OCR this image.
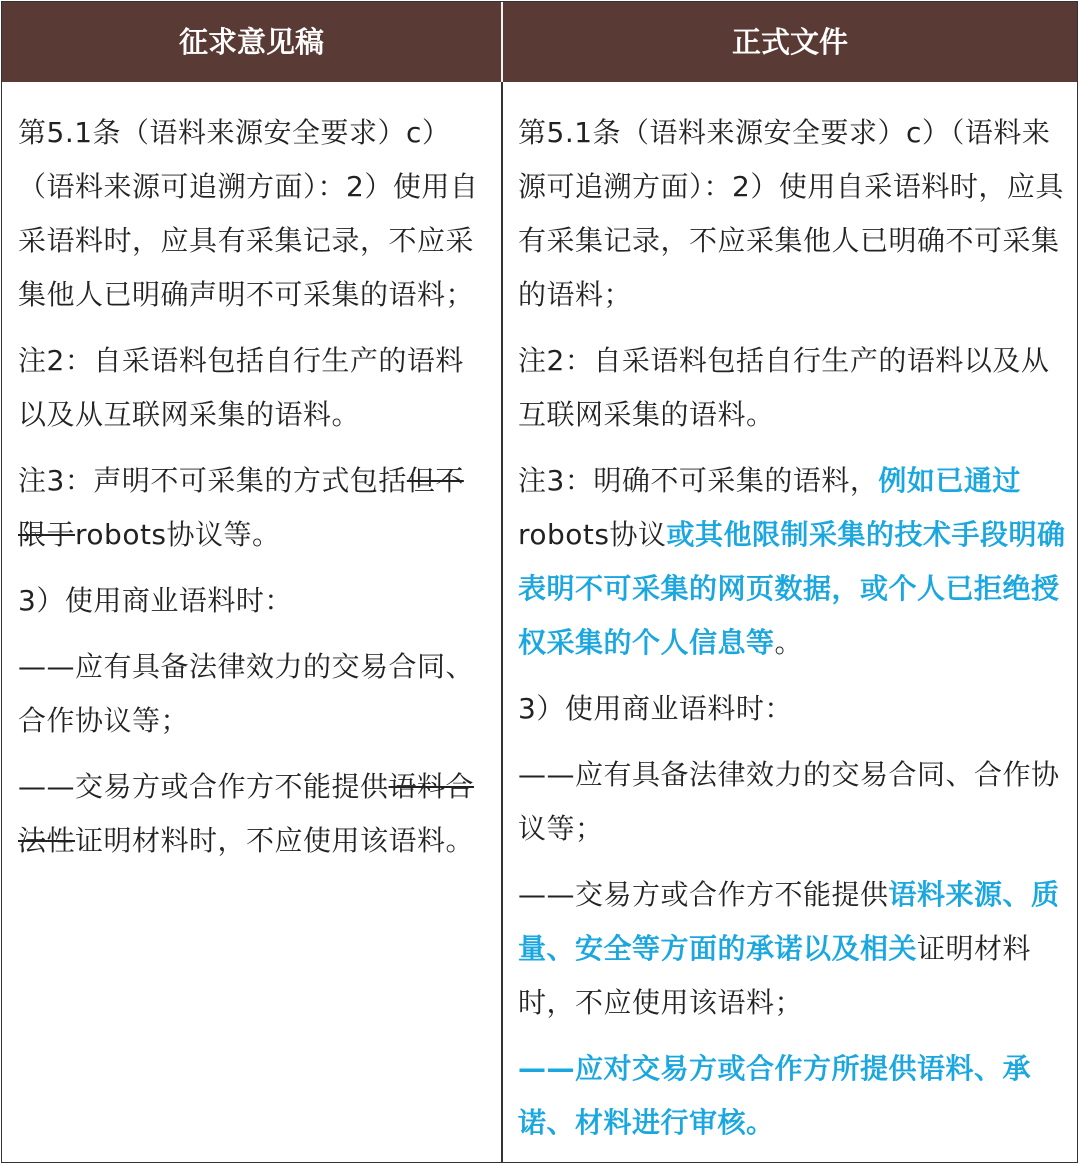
征求意见稿	正式文件

第5.1条（语料来源安全要求）c）（语料来源可追溯方面）：2）使用自采语料时，应具有采集记录，不应采集他人已明确声明不可采集的语料；

注2：自采语料包括自行生产的语料以及从互联网采集的语料。

注3：声明不可采集的方式包括但不限于robots协议等。

3）使用商业语料时：

——应有具备法律效力的交易合同、合作协议等；

——交易方或合作方不能提供语料合法性证明材料时，不应使用该语料。

第5.1条（语料来源安全要求）c）（语料来源可追溯方面）：2）使用自采语料时，应具有采集记录，不应采集他人已明确不可采集的语料；

注2：自采语料包括自行生产的语料以及从互联网采集的语料。

注3：明确不可采集的语料，例如已通过robots协议或其他限制采集的技术手段明确表明不可采集的网页数据，或个人已拒绝授权采集的个人信息等。

3）使用商业语料时：

——应有具备法律效力的交易合同、合作协议等；

——交易方或合作方不能提供语料来源、质量、安全等方面的承诺以及相关证明材料时，不应使用该语料；

——应对交易方或合作方所提供语料、承诺、材料进行审核。
